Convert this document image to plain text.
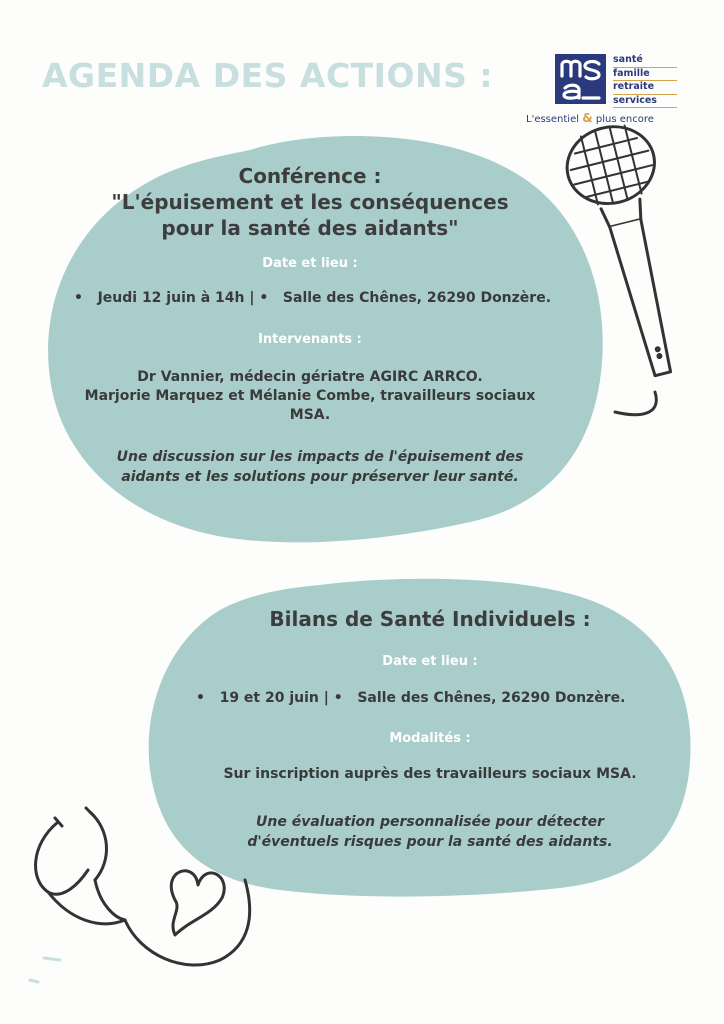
AGENDA DES ACTIONS :	santé
famille
retraite
services
L'essentiel & plus encore
Conférence :
"L'épuisement et les conséquences
pour la santé des aidants"
Date et lieu :
•   Jeudi 12 juin à 14h | •   Salle des Chênes, 26290 Donzère.
Intervenants :
Dr Vannier, médecin gériatre AGIRC ARRCO.
Marjorie Marquez et Mélanie Combe, travailleurs sociaux
MSA.
Une discussion sur les impacts de l'épuisement des
aidants et les solutions pour préserver leur santé.
Bilans de Santé Individuels :
Date et lieu :
•   19 et 20 juin | •   Salle des Chênes, 26290 Donzère.
Modalités :
Sur inscription auprès des travailleurs sociaux MSA.
Une évaluation personnalisée pour détecter
d'éventuels risques pour la santé des aidants.
